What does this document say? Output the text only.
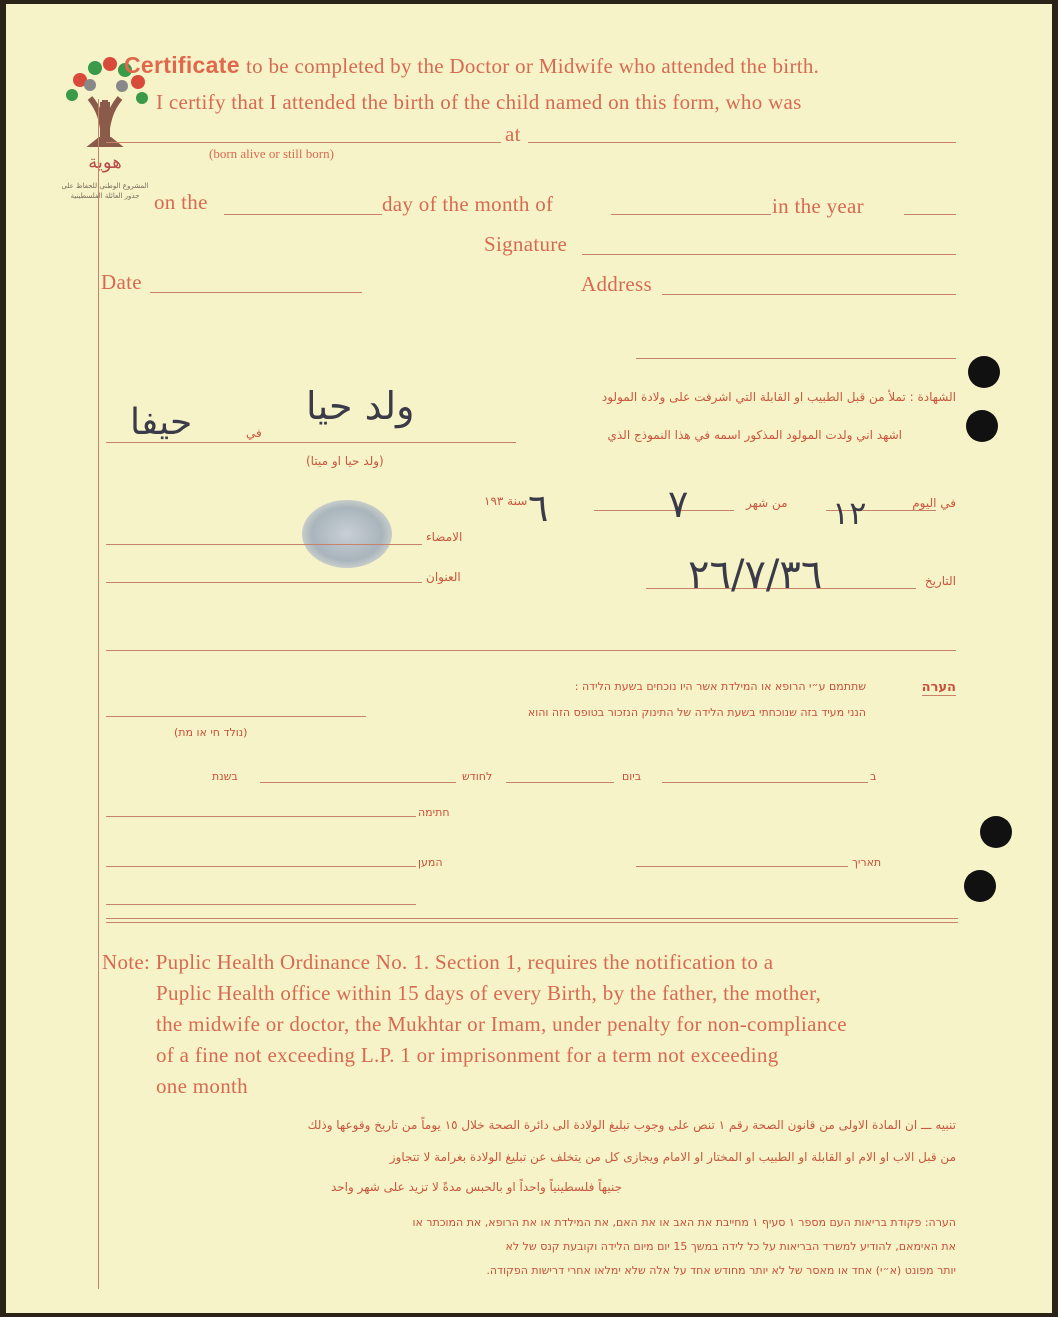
هوية
المشروع الوطني للحفاظ على
جذور العائلة الفلسطينية
Certificate to be completed by the Doctor or Midwife who attended the birth.
I certify that I attended the birth of the child named on this form, who was
at
(born alive or still born)
on the	day of the month of	in the year
Signature
Date	Address
الشهادة : تملأ من قبل الطبيب او القابلة التي اشرفت على ولادة المولود
اشهد اني ولدت المولود المذكور اسمه في هذا النموذج الذي
في
(ولد حيا او ميتا)
ولد حيا
حيفا
في اليوم
١٢
من شهر
٧
سنة ١٩٣ ٦
الامضاء
العنوان	التاريخ
٢٦/٧/٣٦
הערה
שתתמם ע״י הרופא או המילדת אשר היו נוכחים בשעת הלידה :
הנני מעיד בזה שנוכחתי בשעת הלידה של התינוק הנזכור בטופס הזה והוא
(נולד חי או מת)
ב
ביום
לחודש
בשנת
חתימה
המען	תאריך
Note: Puplic Health Ordinance No. 1. Section 1, requires the notification to a
Puplic Health office within 15 days of every Birth, by the father, the mother,
the midwife or doctor, the Mukhtar or Imam, under penalty for non-compliance
of a fine not exceeding L.P. 1 or imprisonment for a term not exceeding
one month
تنبيه ـــ ان المادة الاولى من قانون الصحة رقم ١ تنص على وجوب تبليغ الولادة الى دائرة الصحة خلال ١٥ يوماً من تاريخ وقوعها وذلك
من قبل الاب او الام او القابلة او الطبيب او المختار او الامام ويجازى كل من يتخلف عن تبليغ الولادة بغرامة لا تتجاوز
جنيهاً فلسطينياً واحداً او بالحبس مدةً لا تزيد على شهر واحد
הערה: פקודת בריאות העם מספר ١ סעיף ١ מחייבת את האב או את האם, את המילדת או את הרופא, את המוכתר או
את האימאם, להודיע למשרד הבריאות על כל לידה במשך 15 יום מיום הלידה וקובעת קנס של לא
יותר מפונט (א״י) אחד או מאסר של לא יותר מחודש אחד על אלה שלא ימלאו אחרי דרישות הפקודה.
